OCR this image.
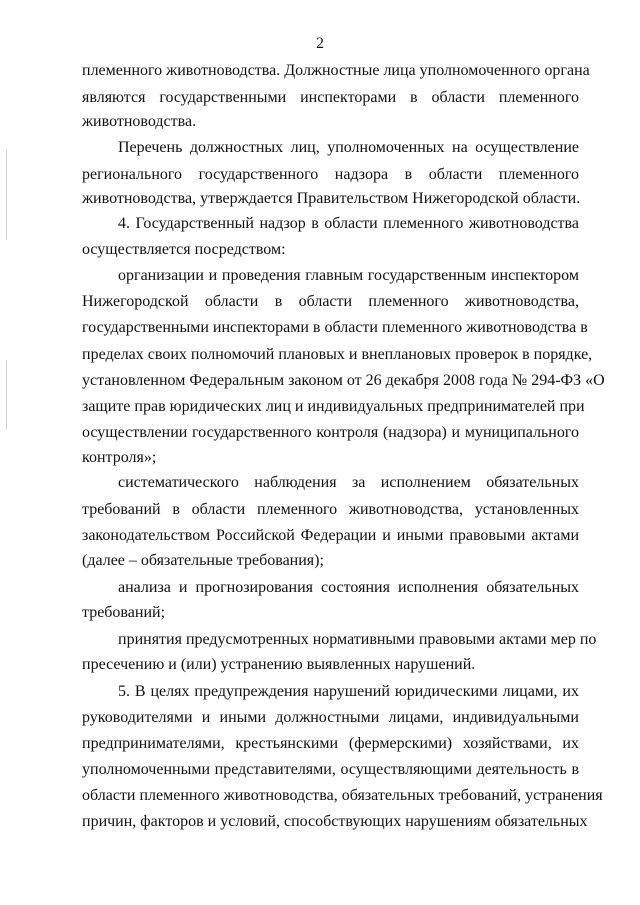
2
племенного животноводства. Должностные лица уполномоченного органа
являются государственными инспекторами в области племенного
животноводства.
Перечень должностных лиц, уполномоченных на осуществление
регионального государственного надзора в области племенного
животноводства, утверждается Правительством Нижегородской области.
4. Государственный надзор в области племенного животноводства
осуществляется посредством:
организации и проведения главным государственным инспектором
Нижегородской области в области племенного животноводства,
государственными инспекторами в области племенного животноводства в
пределах своих полномочий плановых и внеплановых проверок в порядке,
установленном Федеральным законом от 26 декабря 2008 года № 294-ФЗ «О
защите прав юридических лиц и индивидуальных предпринимателей при
осуществлении государственного контроля (надзора) и муниципального
контроля»;
систематического наблюдения за исполнением обязательных
требований в области племенного животноводства, установленных
законодательством Российской Федерации и иными правовыми актами
(далее – обязательные требования);
анализа и прогнозирования состояния исполнения обязательных
требований;
принятия предусмотренных нормативными правовыми актами мер по
пресечению и (или) устранению выявленных нарушений.
5. В целях предупреждения нарушений юридическими лицами, их
руководителями и иными должностными лицами, индивидуальными
предпринимателями, крестьянскими (фермерскими) хозяйствами, их
уполномоченными представителями, осуществляющими деятельность в
области племенного животноводства, обязательных требований, устранения
причин, факторов и условий, способствующих нарушениям обязательных
